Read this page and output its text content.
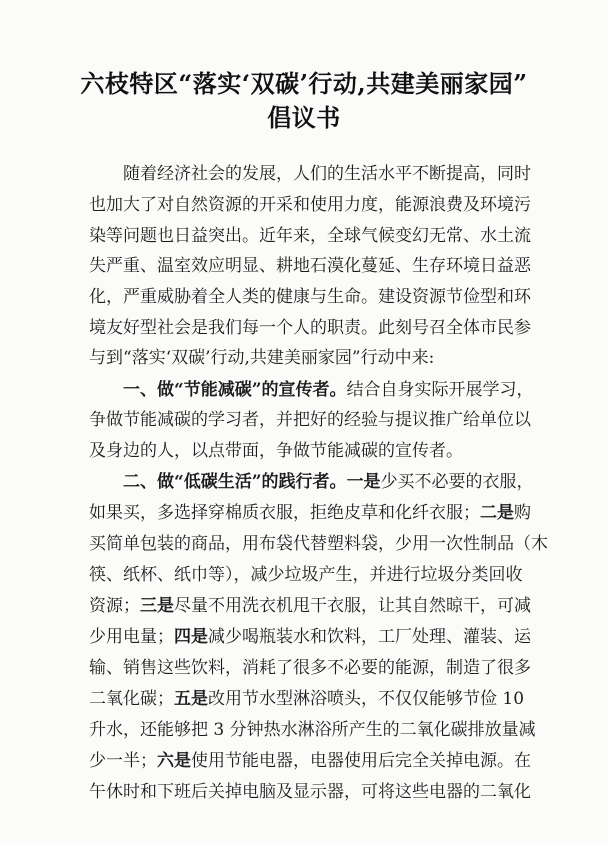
六枝特区“落实‘双碳’行动,共建美丽家园”
倡议书
随着经济社会的发展，人们的生活水平不断提高，同时
也加大了对自然资源的开采和使用力度，能源浪费及环境污
染等问题也日益突出。近年来，全球气候变幻无常、水土流
失严重、温室效应明显、耕地石漠化蔓延、生存环境日益恶
化，严重威胁着全人类的健康与生命。建设资源节俭型和环
境友好型社会是我们每一个人的职责。此刻号召全体市民参
与到“落实‘双碳’行动,共建美丽家园”行动中来:
一、做“节能减碳”的宣传者。结合自身实际开展学习，
争做节能减碳的学习者，并把好的经验与提议推广给单位以
及身边的人，以点带面，争做节能减碳的宣传者。
二、做“低碳生活”的践行者。一是少买不必要的衣服，
如果买，多选择穿棉质衣服，拒绝皮草和化纤衣服；二是购
买简单包装的商品，用布袋代替塑料袋，少用一次性制品（木
筷、纸杯、纸巾等），减少垃圾产生，并进行垃圾分类回收
资源；三是尽量不用洗衣机甩干衣服，让其自然晾干，可减
少用电量；四是减少喝瓶装水和饮料，工厂处理、灌装、运
输、销售这些饮料，消耗了很多不必要的能源，制造了很多
二氧化碳；五是改用节水型淋浴喷头，不仅仅能够节俭 10
升水，还能够把 3 分钟热水淋浴所产生的二氧化碳排放量减
少一半；六是使用节能电器，电器使用后完全关掉电源。在
午休时和下班后关掉电脑及显示器，可将这些电器的二氧化
